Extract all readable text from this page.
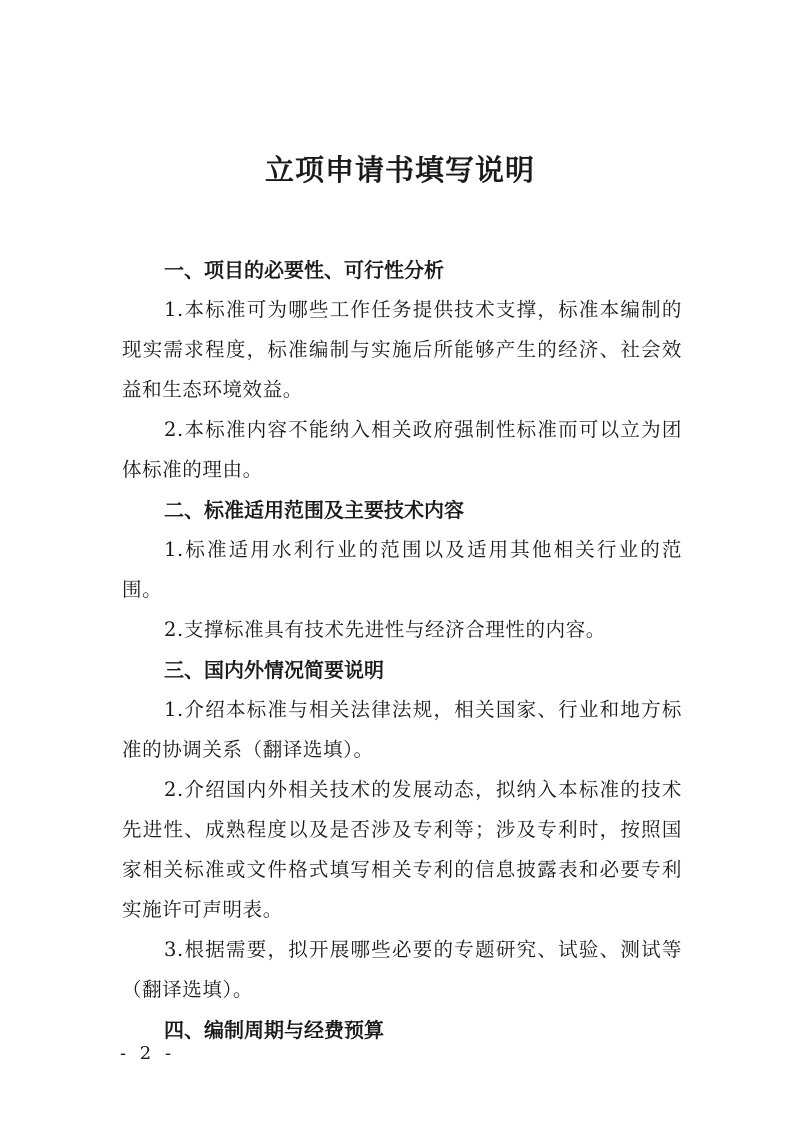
立项申请书填写说明
一、项目的必要性、可行性分析

1.本标准可为哪些工作任务提供技术支撑，标准本编制的现实需求程度，标准编制与实施后所能够产生的经济、社会效益和生态环境效益。

2.本标准内容不能纳入相关政府强制性标准而可以立为团体标准的理由。

二、标准适用范围及主要技术内容

1.标准适用水利行业的范围以及适用其他相关行业的范围。

2.支撑标准具有技术先进性与经济合理性的内容。

三、国内外情况简要说明

1.介绍本标准与相关法律法规，相关国家、行业和地方标准的协调关系（翻译选填）。

2.介绍国内外相关技术的发展动态，拟纳入本标准的技术先进性、成熟程度以及是否涉及专利等；涉及专利时，按照国家相关标准或文件格式填写相关专利的信息披露表和必要专利实施许可声明表。

3.根据需要，拟开展哪些必要的专题研究、试验、测试等（翻译选填）。

四、编制周期与经费预算
- 2 -
